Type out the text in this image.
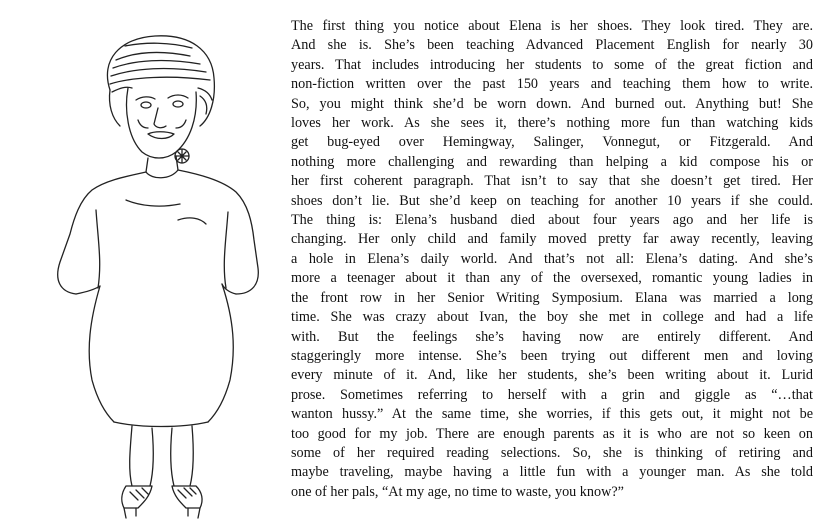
The first thing you notice about Elena is her shoes. They look tired. They are.
And she is. She’s been teaching Advanced Placement English for nearly 30
years. That includes introducing her students to some of the great fiction and
non-fiction written over the past 150 years and teaching them how to write.
So, you might think she’d be worn down. And burned out. Anything but! She
loves her work. As she sees it, there’s nothing more fun than watching kids
get bug-eyed over Hemingway, Salinger, Vonnegut, or Fitzgerald. And
nothing more challenging and rewarding than helping a kid compose his or
her first coherent paragraph. That isn’t to say that she doesn’t get tired. Her
shoes don’t lie. But she’d keep on teaching for another 10 years if she could.
The thing is: Elena’s husband died about four years ago and her life is
changing. Her only child and family moved pretty far away recently, leaving
a hole in Elena’s daily world. And that’s not all: Elena’s dating. And she’s
more a teenager about it than any of the oversexed, romantic young ladies in
the front row in her Senior Writing Symposium. Elana was married a long
time. She was crazy about Ivan, the boy she met in college and had a life
with. But the feelings she’s having now are entirely different. And
staggeringly more intense. She’s been trying out different men and loving
every minute of it. And, like her students, she’s been writing about it. Lurid
prose. Sometimes referring to herself with a grin and giggle as “…that
wanton hussy.” At the same time, she worries, if this gets out, it might not be
too good for my job. There are enough parents as it is who are not so keen on
some of her required reading selections. So, she is thinking of retiring and
maybe traveling, maybe having a little fun with a younger man. As she told
one of her pals, “At my age, no time to waste, you know?”
